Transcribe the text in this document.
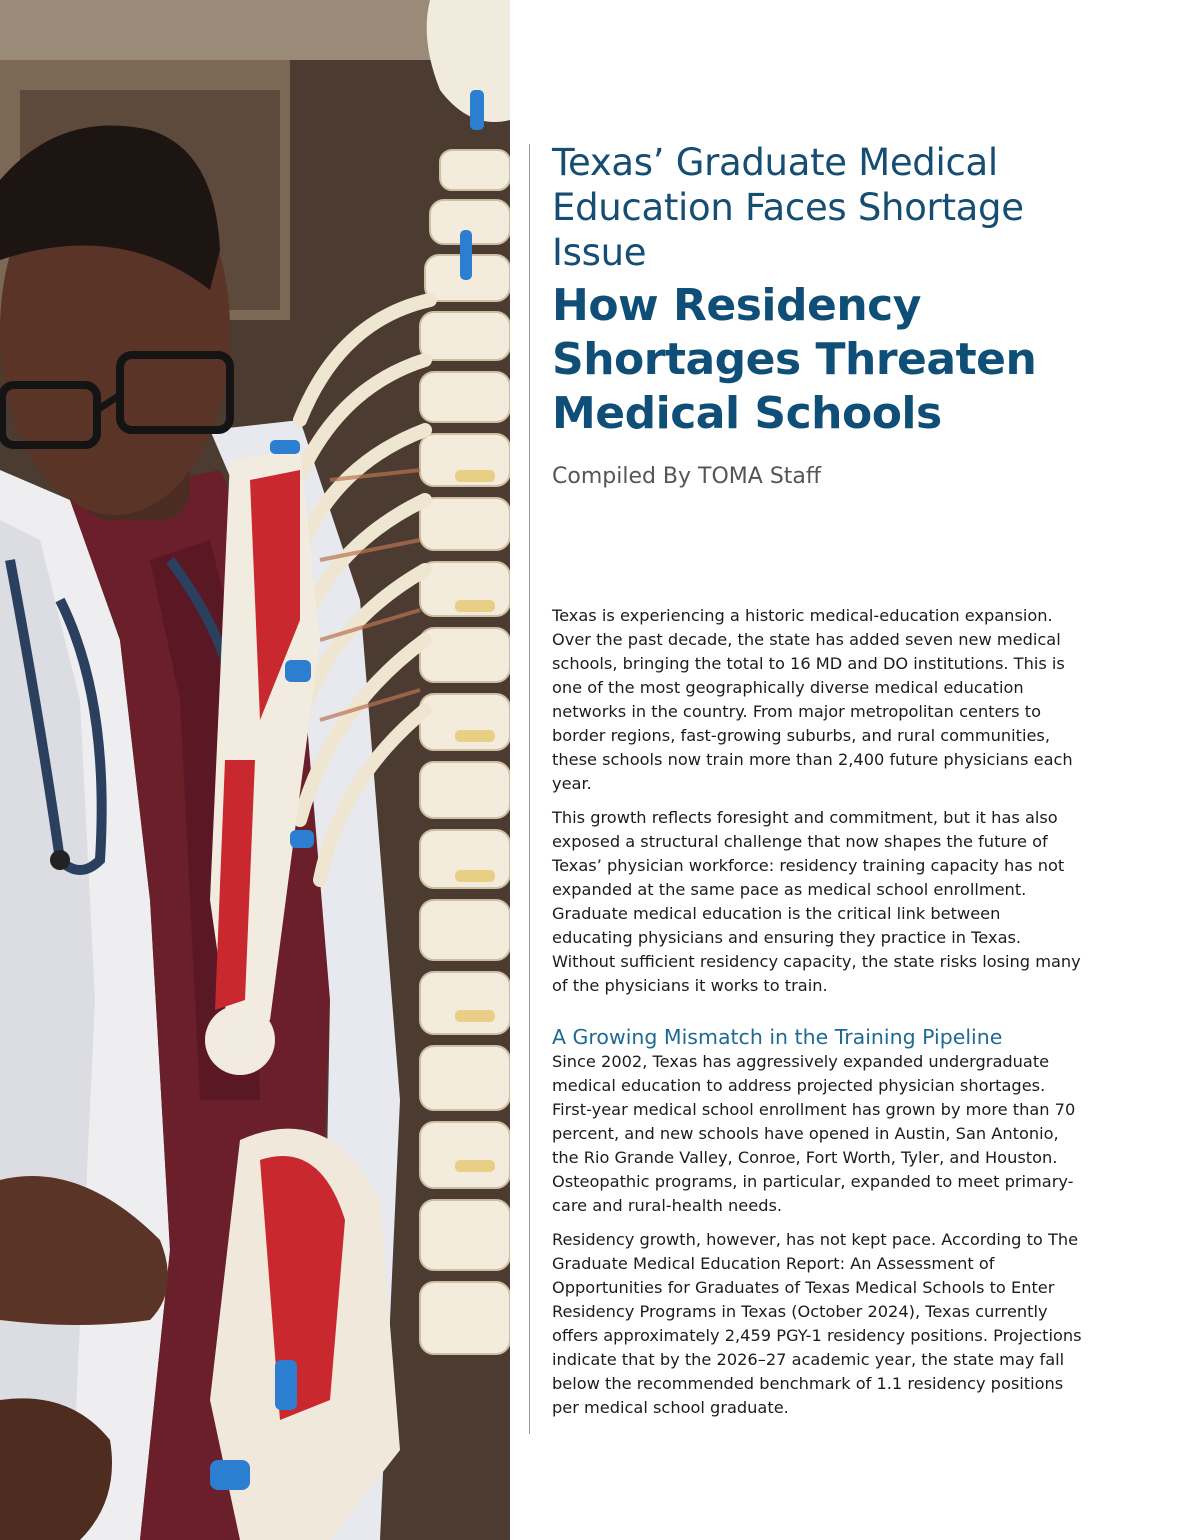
Texas’ Graduate Medical Education Faces Shortage Issue
How Residency Shortages Threaten Medical Schools

Compiled By TOMA Staff

Texas is experiencing a historic medical-education expansion. Over the past decade, the state has added seven new medical schools, bringing the total to 16 MD and DO institutions. This is one of the most geographically diverse medical education networks in the country. From major metropolitan centers to border regions, fast-growing suburbs, and rural communities, these schools now train more than 2,400 future physicians each year.

This growth reflects foresight and commitment, but it has also exposed a structural challenge that now shapes the future of Texas’ physician workforce: residency training capacity has not expanded at the same pace as medical school enrollment. Graduate medical education is the critical link between educating physicians and ensuring they practice in Texas. Without sufficient residency capacity, the state risks losing many of the physicians it works to train.

A Growing Mismatch in the Training Pipeline

Since 2002, Texas has aggressively expanded undergraduate medical education to address projected physician shortages. First-year medical school enrollment has grown by more than 70 percent, and new schools have opened in Austin, San Antonio, the Rio Grande Valley, Conroe, Fort Worth, Tyler, and Houston. Osteopathic programs, in particular, expanded to meet primary-care and rural-health needs.

Residency growth, however, has not kept pace. According to The Graduate Medical Education Report: An Assessment of Opportunities for Graduates of Texas Medical Schools to Enter Residency Programs in Texas (October 2024), Texas currently offers approximately 2,459 PGY-1 residency positions. Projections indicate that by the 2026–27 academic year, the state may fall below the recommended benchmark of 1.1 residency positions per medical school graduate.
